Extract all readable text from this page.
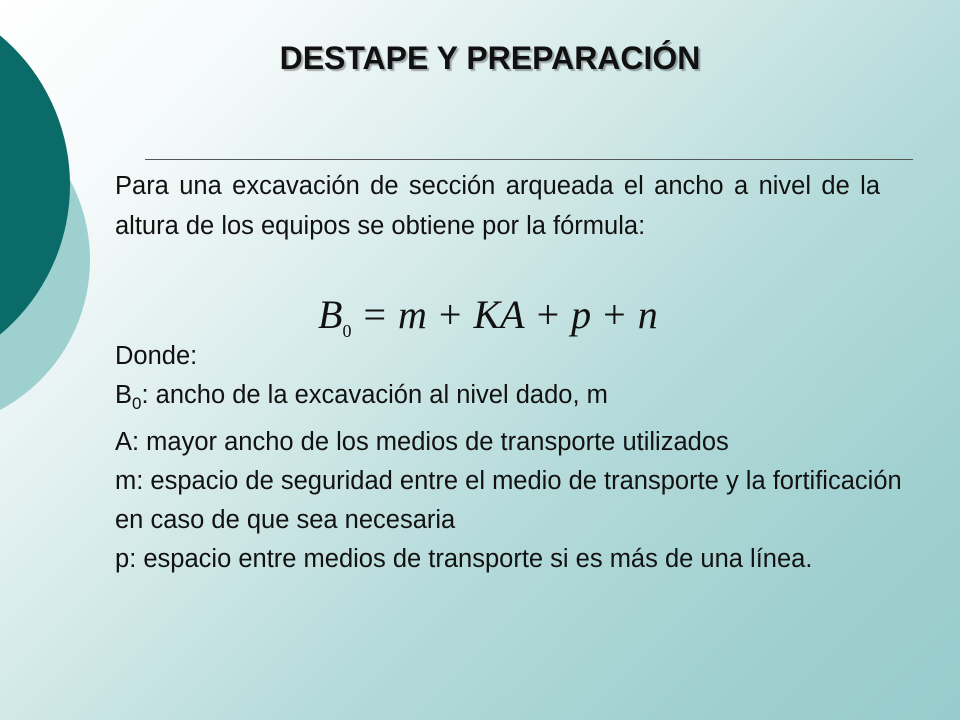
DESTAPE Y PREPARACIÓN

Para una excavación de sección arqueada el ancho a nivel de la altura de los equipos se obtiene por la fórmula:

$B_0 = m$ + KA + p + n
Donde:
$B_0$: ancho de la excavación al nivel dado, m
A: mayor ancho de los medios de transporte utilizados
m: espacio de seguridad entre el medio de transporte y la fortificación en caso de que sea necesaria
p: espacio entre medios de transporte si es más de una línea.
